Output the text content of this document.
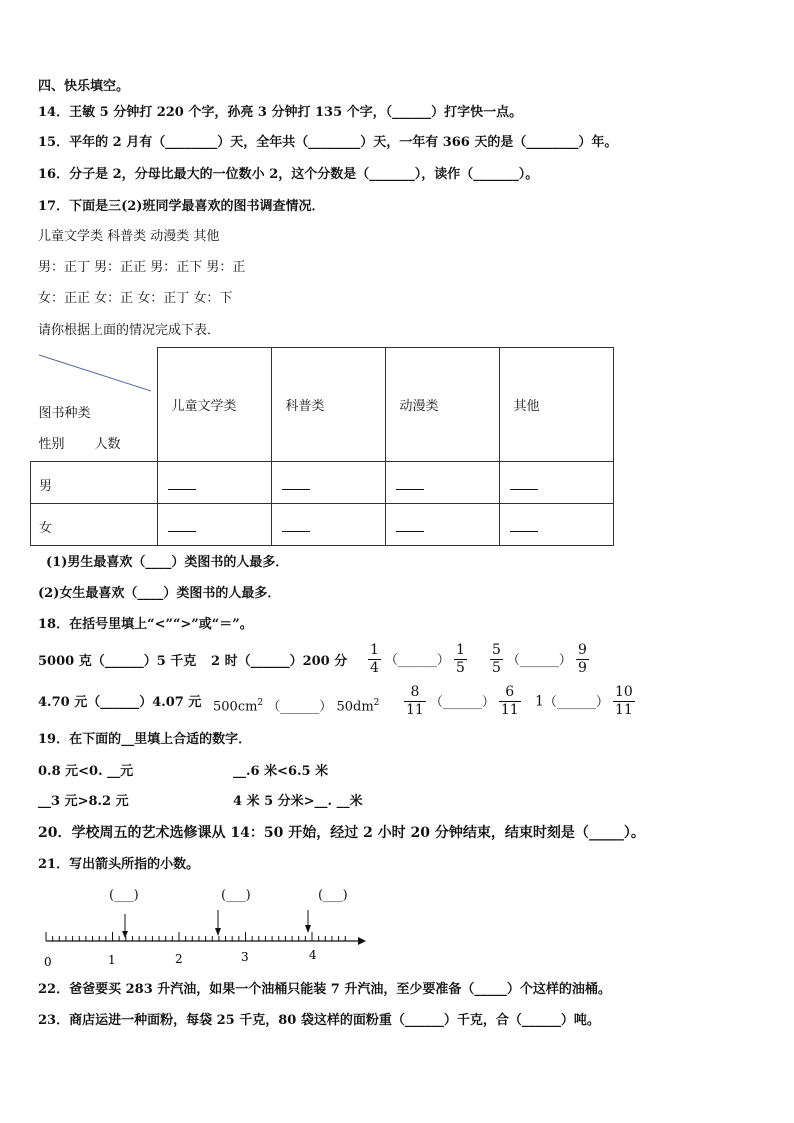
四、快乐填空。
14．王敏 5 分钟打 220 个字，孙亮 3 分钟打 135 个字，（______）打字快一点。
15．平年的 2 月有（________）天，全年共（________）天，一年有 366 天的是（________）年。
16．分子是 2，分母比最大的一位数小 2，这个分数是（_______），读作（_______）。
17．下面是三(2)班同学最喜欢的图书调查情况．
儿童文学类 科普类 动漫类 其他
男：正丁 男：正正 男：正下 男：正
女：正正 女：正 女：正丁 女：下
请你根据上面的情况完成下表．
图书种类
性别 人数	儿童文学类	科普类	动漫类	其他

男				

女				

(1)男生最喜欢（____）类图书的人最多．
(2)女生最喜欢（____）类图书的人最多．
18．在括号里填上“<”“>”或“＝”。
5000 克（______）5 千克 2 时（______）200 分 $\frac{1}{4}$ （______） $\frac{1}{5} \frac{5}{5}$ （______） $\frac{9}{9}$
4.70 元（______）4.07 元 $500cm^2$ （______） $50dm^2 \frac{8}{11}$ （______） $\frac{6}{11}$ 1（______） $\frac{10}{11}$
19．在下面的__里填上合适的数字．
0.8 元<0. __元	__.6 米<6.5 米
__3 元>8.2 元	4 米 5 分米>__. __米
20．学校周五的艺术选修课从 14：50 开始，经过 2 小时 20 分钟结束，结束时刻是（_____）。
21．写出箭头所指的小数。
(___)	(___)	(___)
0	1	2	3	4
22．爸爸要买 283 升汽油，如果一个油桶只能装 7 升汽油，至少要准备（_____）个这样的油桶。
23．商店运进一种面粉，每袋 25 千克，80 袋这样的面粉重（______）千克，合（______）吨。
